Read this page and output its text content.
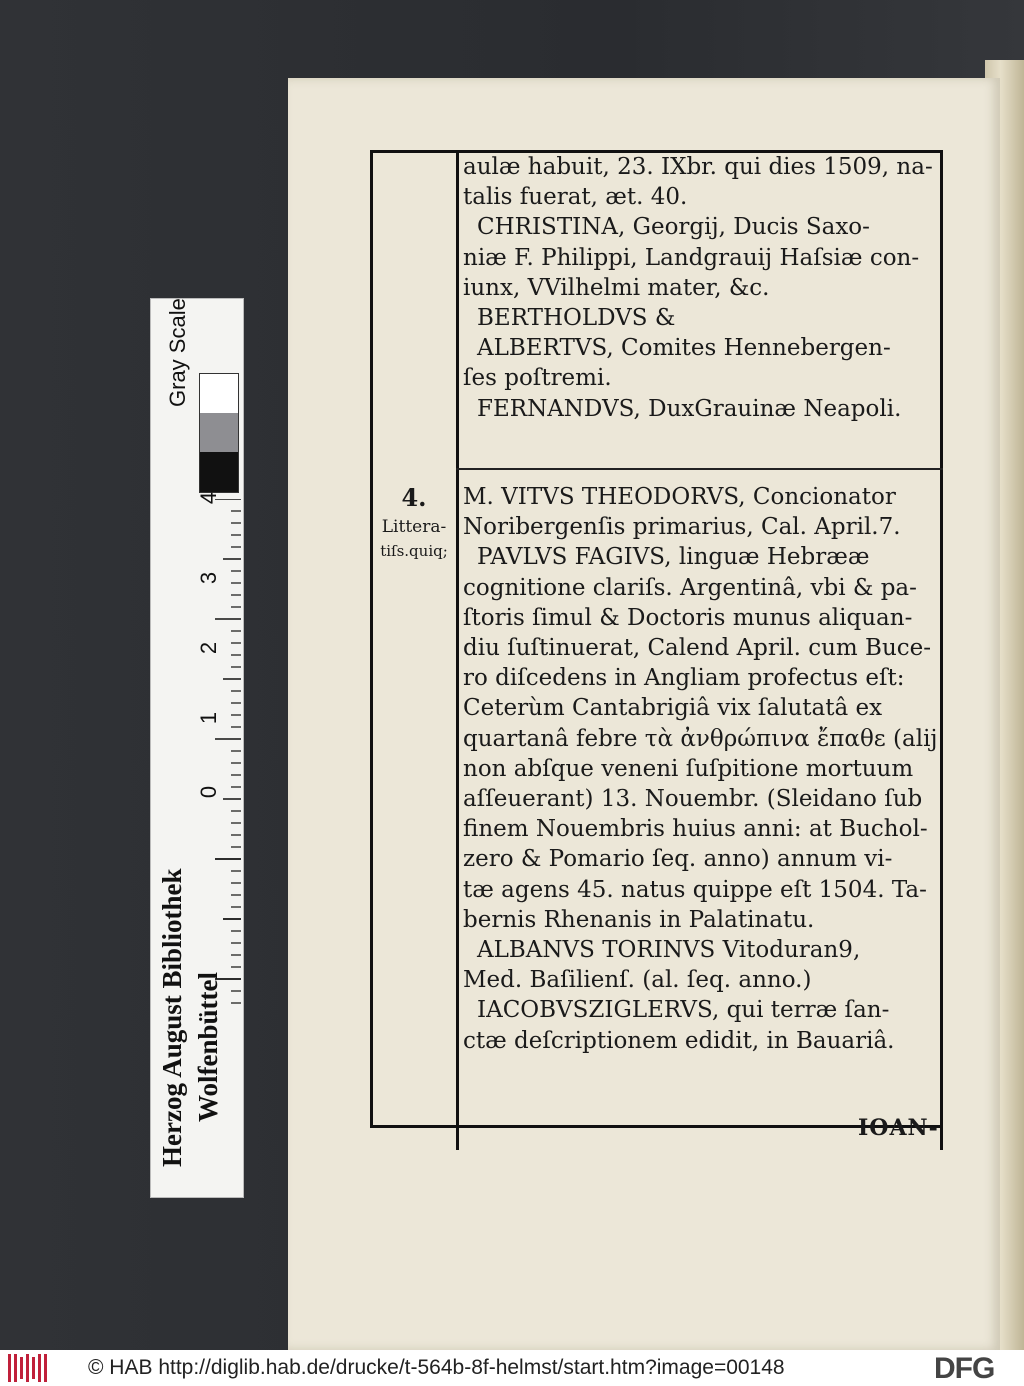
aulæ habuit, 23. IXbr. qui dies 1509, na-
talis fuerat, æt. 40.
CHRISTINA, Georgij, Ducis Saxo-
niæ F. Philippi, Landgrauij Haſsiæ con-
iunx, VVilhelmi mater, &c.
BERTHOLDVS &
ALBERTVS, Comites Hennebergen-
ſes poſtremi.
FERNANDVS, DuxGrauinæ Neapoli.
4.
Littera-
tiſs.quiq;
M. VITVS THEODORVS, Concionator
Noribergenſis primarius, Cal. April.7.
PAVLVS FAGIVS, linguæ Hebrææ
cognitione clariſs. Argentinâ, vbi & pa-
ſtoris ſimul & Doctoris munus aliquan-
diu ſuſtinuerat, Calend April. cum Buce-
ro diſcedens in Angliam profectus eſt:
Ceterùm Cantabrigiâ vix ſalutatâ ex
quartanâ febre τὰ ἀνθρώπινα ἔπαθε (alij
non abſque veneni ſuſpitione mortuum
aſſeuerant) 13. Nouembr. (Sleidano ſub
finem Nouembris huius anni: at Buchol-
zero & Pomario ſeq. anno) annum vi-
tæ agens 45. natus quippe eſt 1504. Ta-
bernis Rhenanis in Palatinatu.
ALBANVS TORINVS Vitoduran9,
Med. Baſilienſ. (al. ſeq. anno.)
IACOBVSZIGLERVS, qui terræ ſan-
ctæ deſcriptionem edidit, in Bauariâ.
IOAN-
Herzog August Bibliothek Wolfenbüttel
Gray Scale
4
3
2
1
0
© HAB http://diglib.hab.de/drucke/t-564b-8f-helmst/start.htm?image=00148	DFG
